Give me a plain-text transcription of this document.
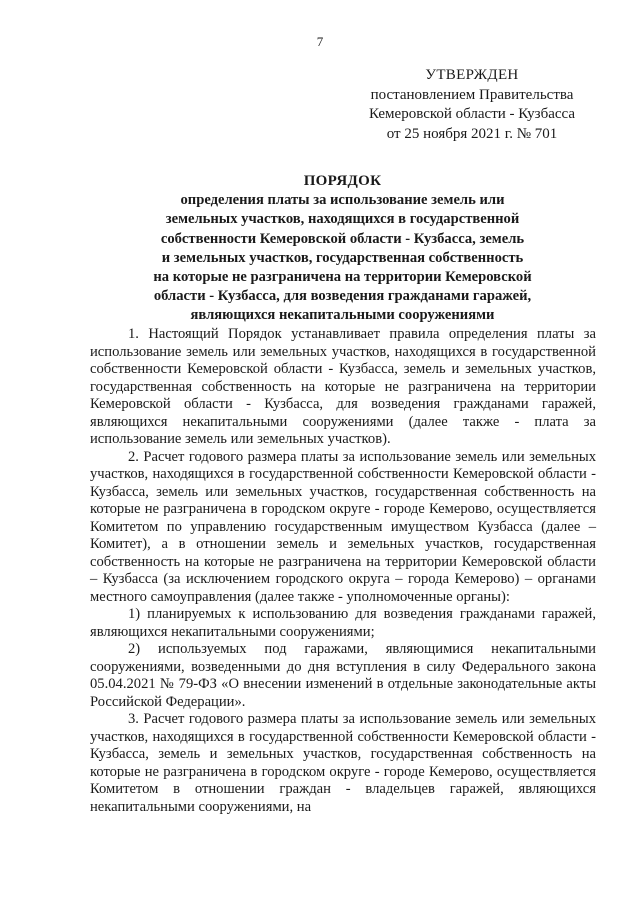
7
УТВЕРЖДЕН
постановлением Правительства
Кемеровской области - Кузбасса
от 25 ноября 2021 г. № 701
ПОРЯДОК
определения платы за использование земель или
земельных участков, находящихся в государственной
собственности Кемеровской области - Кузбасса, земель
и земельных участков, государственная собственность
на которые не разграничена на территории Кемеровской
области - Кузбасса, для возведения гражданами гаражей,
являющихся некапитальными сооружениями

1. Настоящий Порядок устанавливает правила определения платы за использование земель или земельных участков, находящихся в государственной собственности Кемеровской области - Кузбасса, земель и земельных участков, государственная собственность на которые не разграничена на территории Кемеровской области - Кузбасса, для возведения гражданами гаражей, являющихся некапитальными сооружениями (далее также - плата за использование земель или земельных участков).

2. Расчет годового размера платы за использование земель или земельных участков, находящихся в государственной собственности Кемеровской области - Кузбасса, земель или земельных участков, государственная собственность на которые не разграничена в городском округе - городе Кемерово, осуществляется Комитетом по управлению государственным имуществом Кузбасса (далее – Комитет), а в отношении земель и земельных участков, государственная собственность на которые не разграничена на территории Кемеровской области – Кузбасса (за исключением городского округа – города Кемерово) – органами местного самоуправления (далее также - уполномоченные органы):

1) планируемых к использованию для возведения гражданами гаражей, являющихся некапитальными сооружениями;

2) используемых под гаражами, являющимися некапитальными сооружениями, возведенными до дня вступления в силу Федерального закона 05.04.2021 № 79-ФЗ «О внесении изменений в отдельные законодательные акты Российской Федерации».

3. Расчет годового размера платы за использование земель или земельных участков, находящихся в государственной собственности Кемеровской области - Кузбасса, земель и земельных участков, государственная собственность на которые не разграничена в городском округе - городе Кемерово, осуществляется Комитетом в отношении граждан - владельцев гаражей, являющихся некапитальными сооружениями, на
